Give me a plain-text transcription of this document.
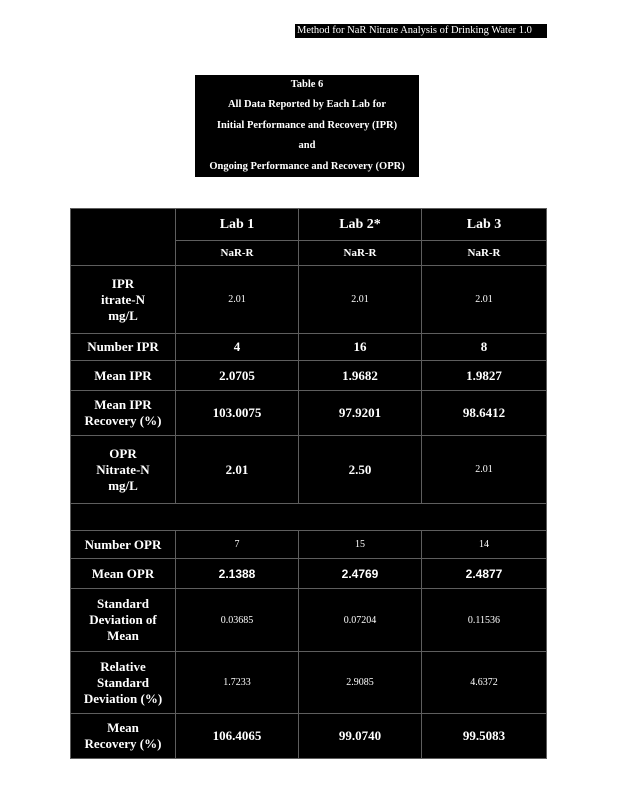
Method for NaR Nitrate Analysis of Drinking Water 1.0
Table 6
All Data Reported by Each Lab for
Initial Performance and Recovery (IPR)
and
Ongoing Performance and Recovery (OPR)
	Lab 1	Lab 2*	Lab 3
	NaR-R	NaR-R	NaR-R

IPR
itrate-N
mg/L	2.01	2.01	2.01
Number IPR	4	16	8
Mean IPR	2.0705	1.9682	1.9827

Mean IPR
Recovery (%)	103.0075	97.9201	98.6412

OPR
Nitrate-N
mg/L	2.01	2.50	2.01

Number OPR	7	15	14
Mean OPR	2.1388	2.4769	2.4877

Standard
Deviation of
Mean	0.03685	0.07204	0.11536

Relative
Standard
Deviation (%)	1.7233	2.9085	4.6372

Mean
Recovery (%)	106.4065	99.0740	99.5083
